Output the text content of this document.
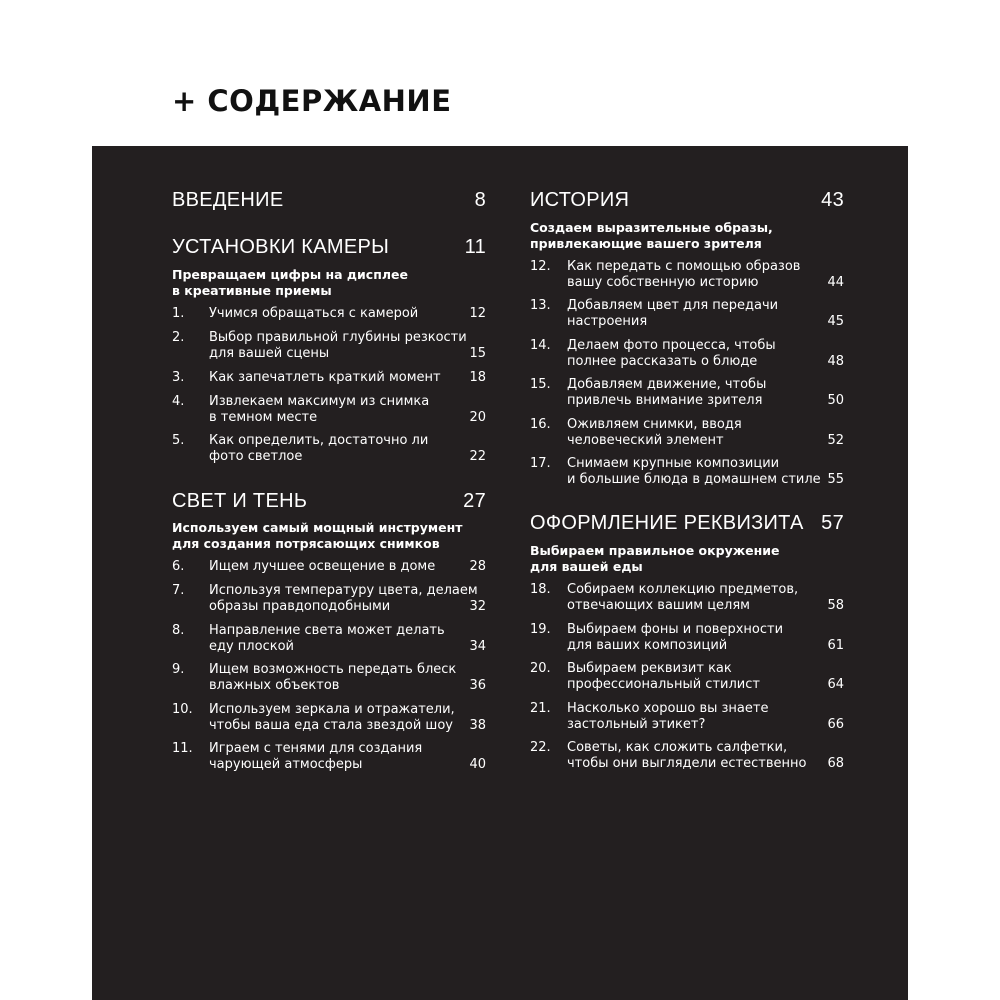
+ СОДЕРЖАНИЕ
ВВЕДЕНИЕ	8
УСТАНОВКИ КАМЕРЫ	11
Превращаем цифры на дисплее
в креативные приемы
1. Учимся обращаться с камерой	12
2. Выбор правильной глубины резкости
для вашей сцены	15
3. Как запечатлеть краткий момент 18
4. Извлекаем максимум из снимка
в темном месте	20
5. Как определить, достаточно ли
фото светлое	22
СВЕТ И ТЕНЬ	27
Используем самый мощный инструмент
для создания потрясающих снимков
6. Ищем лучшее освещение в доме	28
7. Используя температуру цвета, делаем
образы правдоподобными	32
8. Направление света может делать
еду плоской	34
9. Ищем возможность передать блеск
влажных объектов	36
10. Используем зеркала и отражатели,
чтобы ваша еда стала звездой шоу 38
11. Играем с тенями для создания
чарующей атмосферы	40
ИСТОРИЯ	43
Создаем выразительные образы,
привлекающие вашего зрителя
12. Как передать с помощью образов
вашу собственную историю	44
13. Добавляем цвет для передачи
настроения	45
14. Делаем фото процесса, чтобы
полнее рассказать о блюде	48
15. Добавляем движение, чтобы
привлечь внимание зрителя	50
16. Оживляем снимки, вводя
человеческий элемент	52
17. Снимаем крупные композиции
и большие блюда в домашнем стиле 55
ОФОРМЛЕНИЕ РЕКВИЗИТА 57
Выбираем правильное окружение
для вашей еды
18. Собираем коллекцию предметов,
отвечающих вашим целям	58
19. Выбираем фоны и поверхности
для ваших композиций	61
20. Выбираем реквизит как
профессиональный стилист	64
21. Насколько хорошо вы знаете
застольный этикет?	66
22. Советы, как сложить салфетки,
чтобы они выглядели естественно 68
